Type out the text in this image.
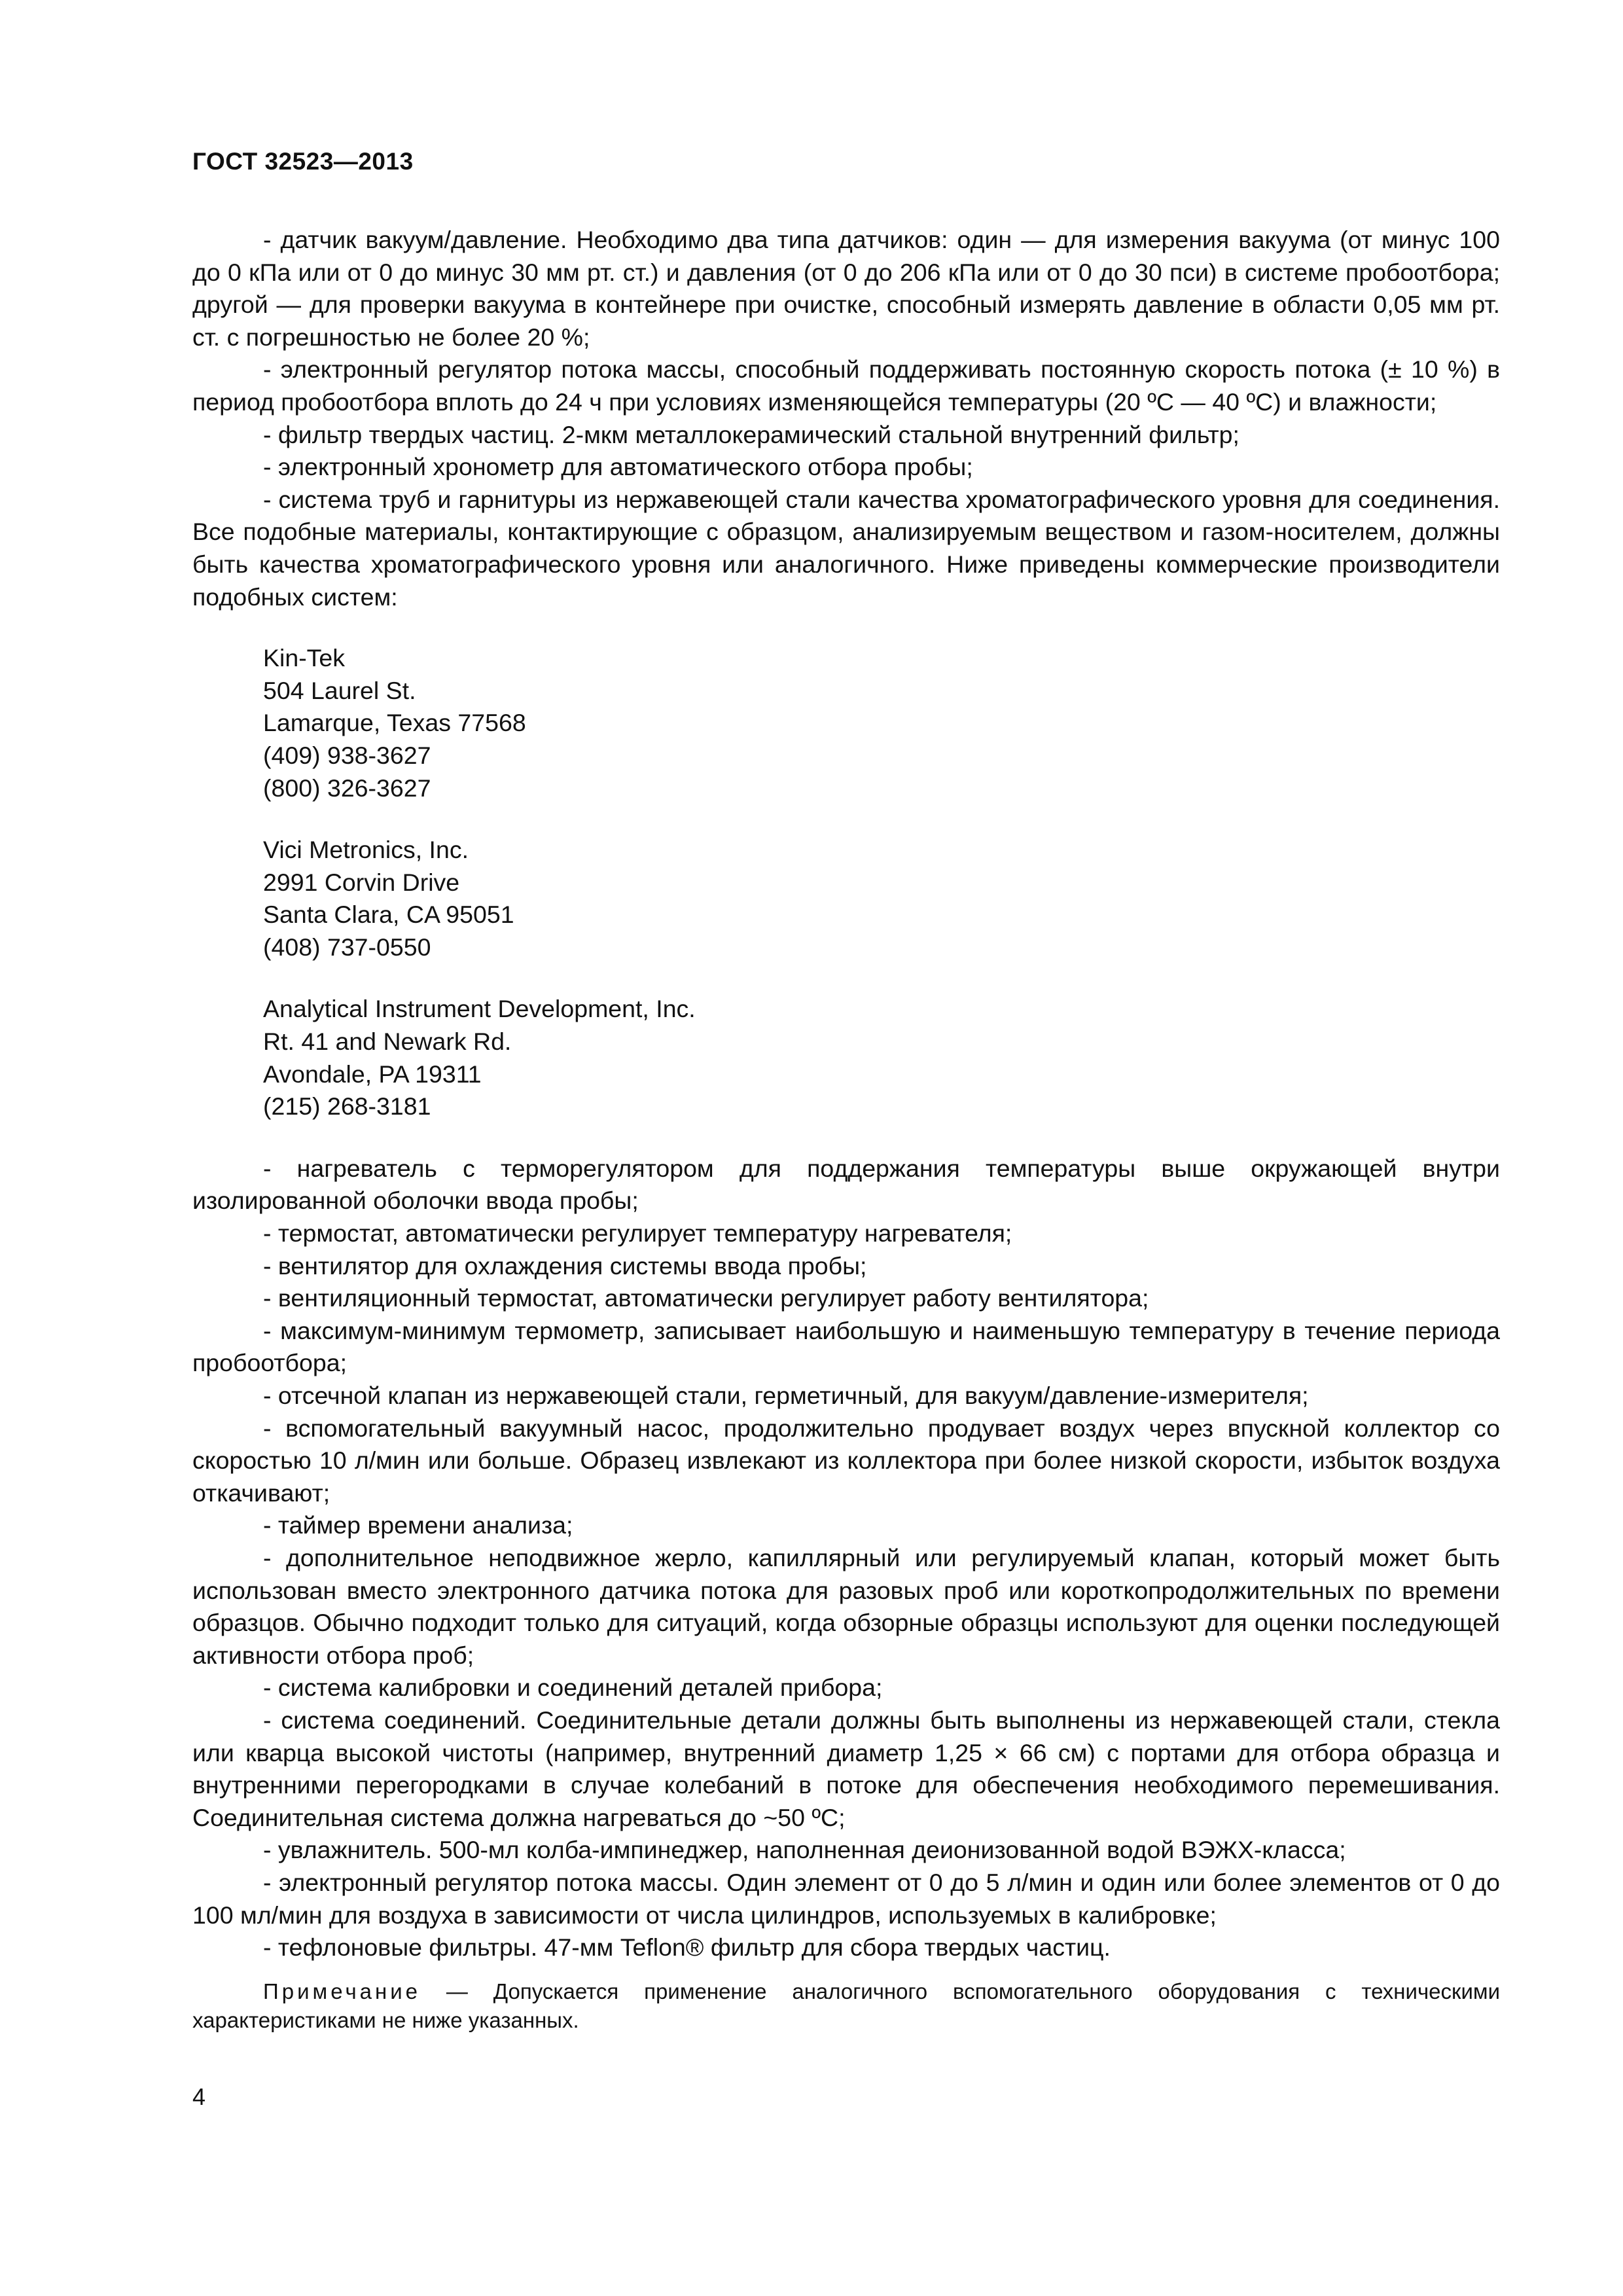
ГОСТ 32523—2013

- датчик вакуум/давление. Необходимо два типа датчиков: один — для измерения вакуума (от минус 100 до 0 кПа или от 0 до минус 30 мм рт. ст.) и давления (от 0 до 206 кПа или от 0 до 30 пси) в системе пробоотбора; другой — для проверки вакуума в контейнере при очистке, способный измерять давление в области 0,05 мм рт. ст. с погрешностью не более 20 %;

- электронный регулятор потока массы, способный поддерживать постоянную скорость потока (± 10 %) в период пробоотбора вплоть до 24 ч при условиях изменяющейся температуры (20 ºС — 40 ºС) и влажности;

- фильтр твердых частиц. 2-мкм металлокерамический стальной внутренний фильтр;

- электронный хронометр для автоматического отбора пробы;

- система труб и гарнитуры из нержавеющей стали качества хроматографического уровня для соединения. Все подобные материалы, контактирующие с образцом, анализируемым веществом и газом-носителем, должны быть качества хроматографического уровня или аналогичного. Ниже приведены коммерческие производители подобных систем:

Kin-Tek
504 Laurel St.
Lamarque, Texas 77568
(409) 938-3627
(800) 326-3627
Vici Metronics, Inc.
2991 Corvin Drive
Santa Clara, CA 95051
(408) 737-0550
Analytical Instrument Development, Inc.
Rt. 41 and Newark Rd.
Avondale, PA 19311
(215) 268-3181

- нагреватель с терморегулятором для поддержания температуры выше окружающей внутри изолированной оболочки ввода пробы;

- термостат, автоматически регулирует температуру нагревателя;

- вентилятор для охлаждения системы ввода пробы;

- вентиляционный термостат, автоматически регулирует работу вентилятора;

- максимум-минимум термометр, записывает наибольшую и наименьшую температуру в течение периода пробоотбора;

- отсечной клапан из нержавеющей стали, герметичный, для вакуум/давление-измерителя;

- вспомогательный вакуумный насос, продолжительно продувает воздух через впускной коллектор со скоростью 10 л/мин или больше. Образец извлекают из коллектора при более низкой скорости, избыток воздуха откачивают;

- таймер времени анализа;

- дополнительное неподвижное жерло, капиллярный или регулируемый клапан, который может быть использован вместо электронного датчика потока для разовых проб или короткопродолжительных по времени образцов. Обычно подходит только для ситуаций, когда обзорные образцы используют для оценки последующей активности отбора проб;

- система калибровки и соединений деталей прибора;

- система соединений. Соединительные детали должны быть выполнены из нержавеющей стали, стекла или кварца высокой чистоты (например, внутренний диаметр 1,25 × 66 см) с портами для отбора образца и внутренними перегородками в случае колебаний в потоке для обеспечения необходимого перемешивания. Соединительная система должна нагреваться до ~50 ºС;

- увлажнитель. 500-мл колба-импинеджер, наполненная деионизованной водой ВЭЖХ-класса;

- электронный регулятор потока массы. Один элемент от 0 до 5 л/мин и один или более элементов от 0 до 100 мл/мин для воздуха в зависимости от числа цилиндров, используемых в калибровке;

- тефлоновые фильтры. 47-мм Teflon® фильтр для сбора твердых частиц.

Примечание — Допускается применение аналогичного вспомогательного оборудования с техническими характеристиками не ниже указанных.

4
